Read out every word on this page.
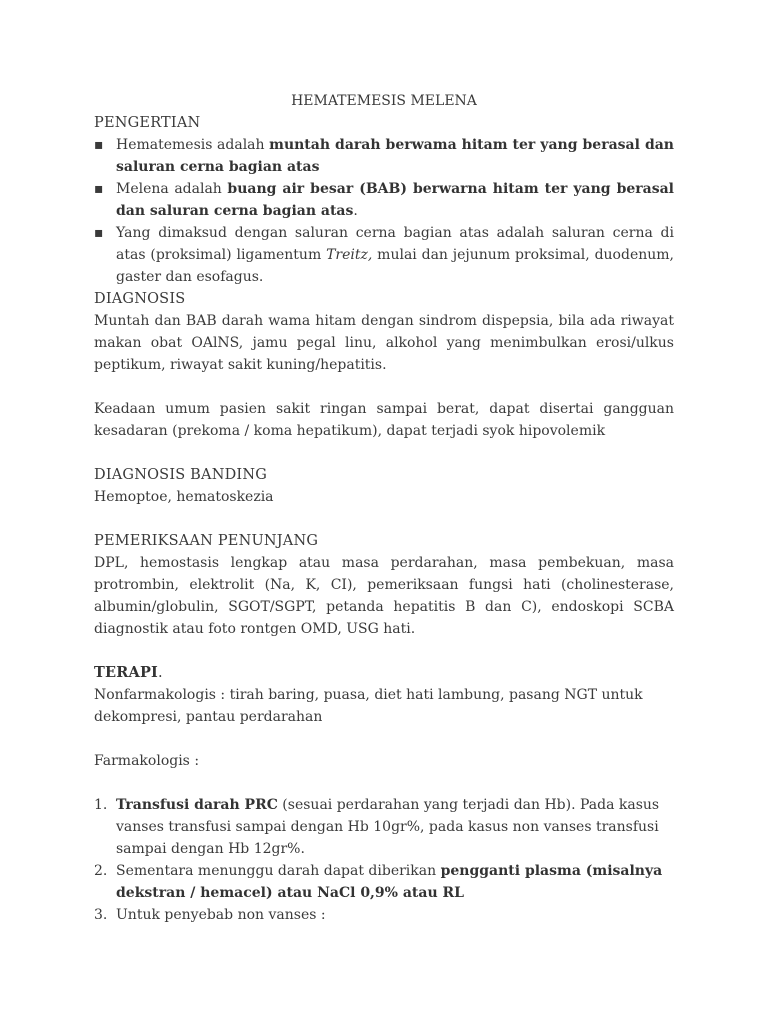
HEMATEMESIS MELENA
PENGERTIAN
▪ Hematemesis adalah muntah darah berwama hitam ter yang berasal dan saluran cerna bagian atas
▪ Melena adalah buang air besar (BAB) berwarna hitam ter yang berasal dan saluran cerna bagian atas.
▪ Yang dimaksud dengan saluran cerna bagian atas adalah saluran cerna di atas (proksimal) ligamentum Treitz, mulai dan jejunum proksimal, duodenum, gaster dan esofagus.
DIAGNOSIS

Muntah dan BAB darah wama hitam dengan sindrom dispepsia, bila ada riwayat makan obat OAlNS, jamu pegal linu, alkohol yang menimbulkan erosi/ulkus peptikum, riwayat sakit kuning/hepatitis.

Keadaan umum pasien sakit ringan sampai berat, dapat disertai gangguan kesadaran (prekoma / koma hepatikum), dapat terjadi syok hipovolemik

DIAGNOSIS BANDING

Hemoptoe, hematoskezia

PEMERIKSAAN PENUNJANG

DPL, hemostasis lengkap atau masa perdarahan, masa pembekuan, masa protrombin, elektrolit (Na, K, CI), pemeriksaan fungsi hati (cholinesterase, albumin/globulin, SGOT/SGPT, petanda hepatitis B dan C), endoskopi SCBA diagnostik atau foto rontgen OMD, USG hati.

TERAPI.

Nonfarmakologis : tirah baring, puasa, diet hati lambung, pasang NGT untuk dekompresi, pantau perdarahan

Farmakologis :

1. Transfusi darah PRC (sesuai perdarahan yang terjadi dan Hb). Pada kasus vanses transfusi sampai dengan Hb 10gr%, pada kasus non vanses transfusi sampai dengan Hb 12gr%.
2. Sementara menunggu darah dapat diberikan pengganti plasma (misalnya dekstran / hemacel) atau NaCl 0,9% atau RL
3. Untuk penyebab non vanses :
